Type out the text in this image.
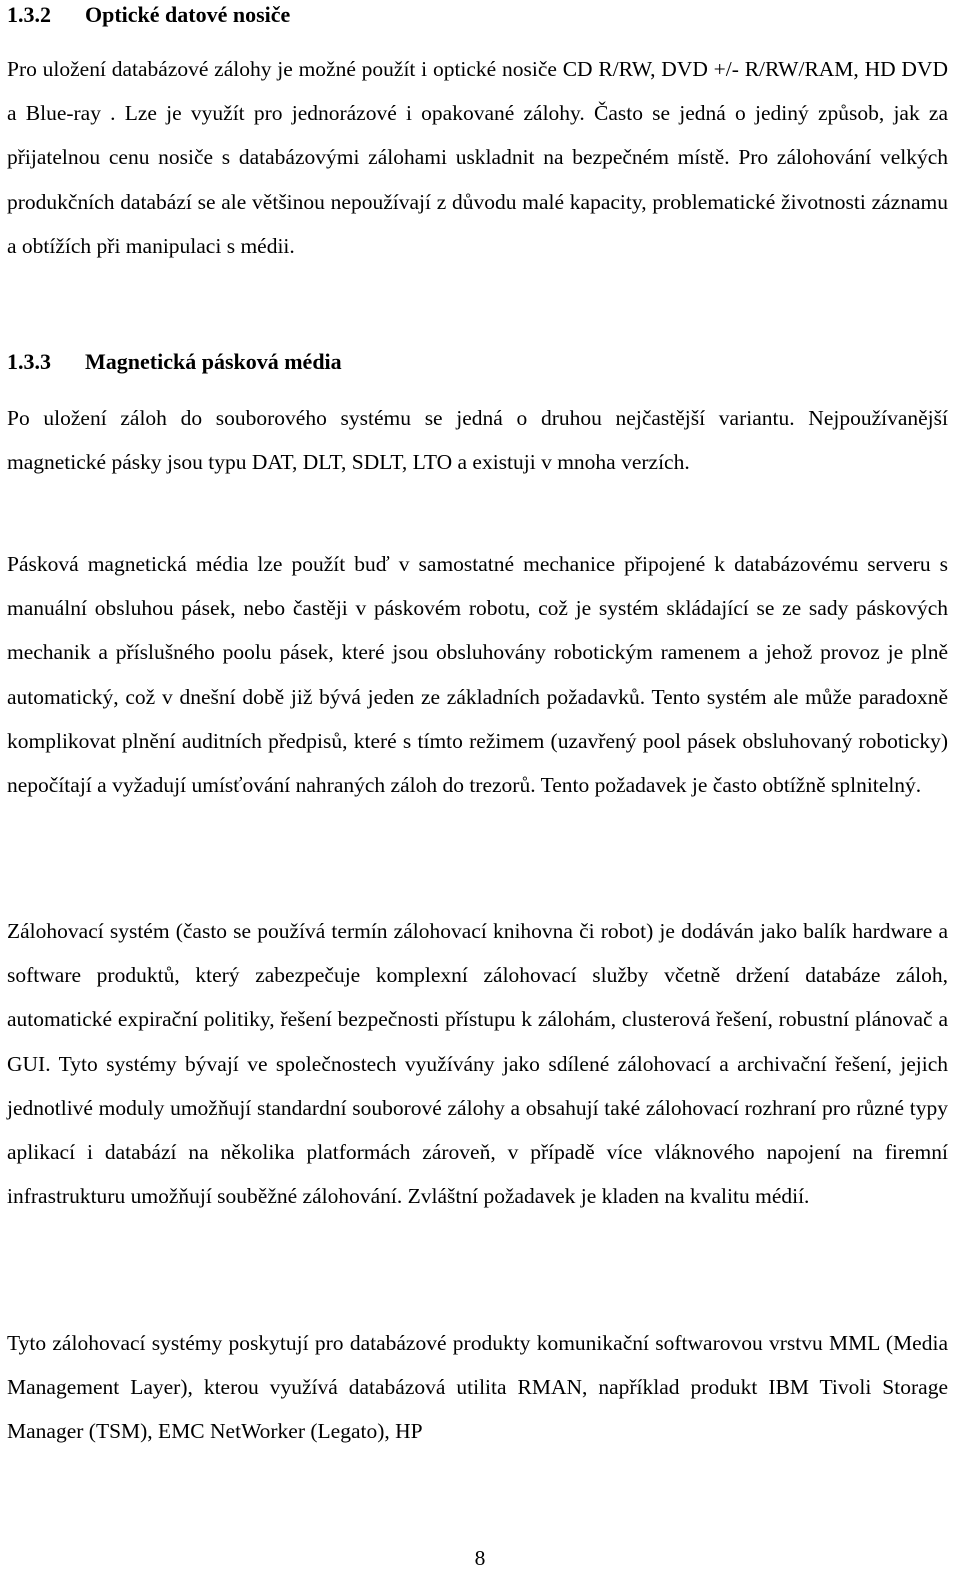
1.3.2 Optické datové nosiče

Pro uložení databázové zálohy je možné použít i optické nosiče CD R/RW, DVD +/- R/RW/RAM, HD DVD a Blue-ray . Lze je využít pro jednorázové i opakované zálohy. Často se jedná o jediný způsob, jak za přijatelnou cenu nosiče s databázovými zálohami uskladnit na bezpečném místě. Pro zálohování velkých produkčních databází se ale většinou nepoužívají z důvodu malé kapacity, problematické životnosti záznamu a obtížích při manipulaci s médii.

1.3.3 Magnetická pásková média

Po uložení záloh do souborového systému se jedná o druhou nejčastější variantu. Nejpoužívanější magnetické pásky jsou typu DAT, DLT, SDLT, LTO a existuji v mnoha verzích.

Pásková magnetická média lze použít buď v samostatné mechanice připojené k databázovému serveru s manuální obsluhou pásek, nebo častěji v páskovém robotu, což je systém skládající se ze sady páskových mechanik a příslušného poolu pásek, které jsou obsluhovány robotickým ramenem a jehož provoz je plně automatický, což v dnešní době již bývá jeden ze základních požadavků. Tento systém ale může paradoxně komplikovat plnění auditních předpisů, které s tímto režimem (uzavřený pool pásek obsluhovaný roboticky) nepočítají a vyžadují umísťování nahraných záloh do trezorů. Tento požadavek je často obtížně splnitelný.

Zálohovací systém (často se používá termín zálohovací knihovna či robot) je dodáván jako balík hardware a software produktů, který zabezpečuje komplexní zálohovací služby včetně držení databáze záloh, automatické expirační politiky, řešení bezpečnosti přístupu k zálohám, clusterová řešení, robustní plánovač a GUI. Tyto systémy bývají ve společnostech využívány jako sdílené zálohovací a archivační řešení, jejich jednotlivé moduly umožňují standardní souborové zálohy a obsahují také zálohovací rozhraní pro různé typy aplikací i databází na několika platformách zároveň, v případě více vláknového napojení na firemní infrastrukturu umožňují souběžné zálohování. Zvláštní požadavek je kladen na kvalitu médií.

Tyto zálohovací systémy poskytují pro databázové produkty komunikační softwarovou vrstvu MML (Media Management Layer), kterou využívá databázová utilita RMAN, například produkt IBM Tivoli Storage Manager (TSM), EMC NetWorker (Legato), HP

8
